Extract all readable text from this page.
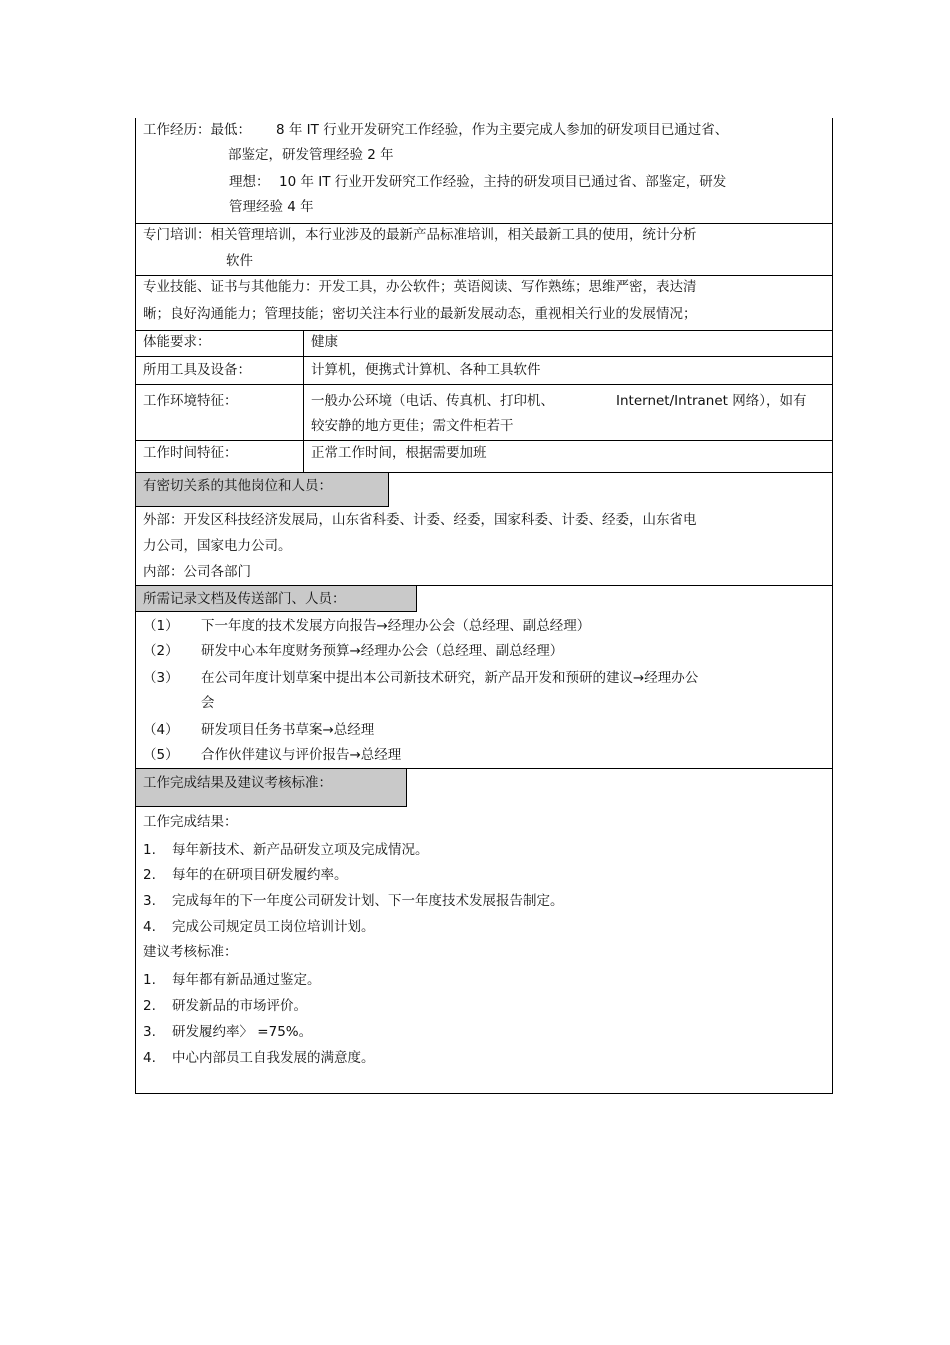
工作经历：最低： 8 年 IT 行业开发研究工作经验，作为主要完成人参加的研发项目已通过省、
部鉴定，研发管理经验 2 年
理想： 10 年 IT 行业开发研究工作经验，主持的研发项目已通过省、部鉴定，研发
管理经验 4 年
专门培训：相关管理培训，本行业涉及的最新产品标准培训，相关最新工具的使用，统计分析
软件
专业技能、证书与其他能力：开发工具，办公软件；英语阅读、写作熟练；思维严密，表达清
晰；良好沟通能力；管理技能；密切关注本行业的最新发展动态，重视相关行业的发展情况；
体能要求：	健康
所用工具及设备：	计算机，便携式计算机、各种工具软件
工作环境特征：	一般办公环境（电话、传真机、打印机、	Internet/Intranet 网络），如有
较安静的地方更佳；需文件柜若干
工作时间特征：	正常工作时间，根据需要加班
有密切关系的其他岗位和人员：
外部：开发区科技经济发展局，山东省科委、计委、经委，国家科委、计委、经委，山东省电
力公司，国家电力公司。
内部：公司各部门
所需记录文档及传送部门、人员：
（1） 下一年度的技术发展方向报告→经理办公会（总经理、副总经理）
（2） 研发中心本年度财务预算→经理办公会（总经理、副总经理）
（3） 在公司年度计划草案中提出本公司新技术研究，新产品开发和预研的建议→经理办公
会
（4） 研发项目任务书草案→总经理
（5） 合作伙伴建议与评价报告→总经理
工作完成结果及建议考核标准：
工作完成结果：
1. 每年新技术、新产品研发立项及完成情况。
2. 每年的在研项目研发履约率。
3. 完成每年的下一年度公司研发计划、下一年度技术发展报告制定。
4. 完成公司规定员工岗位培训计划。
建议考核标准：
1. 每年都有新品通过鉴定。
2. 研发新品的市场评价。
3. 研发履约率〉 =75%。
4. 中心内部员工自我发展的满意度。
